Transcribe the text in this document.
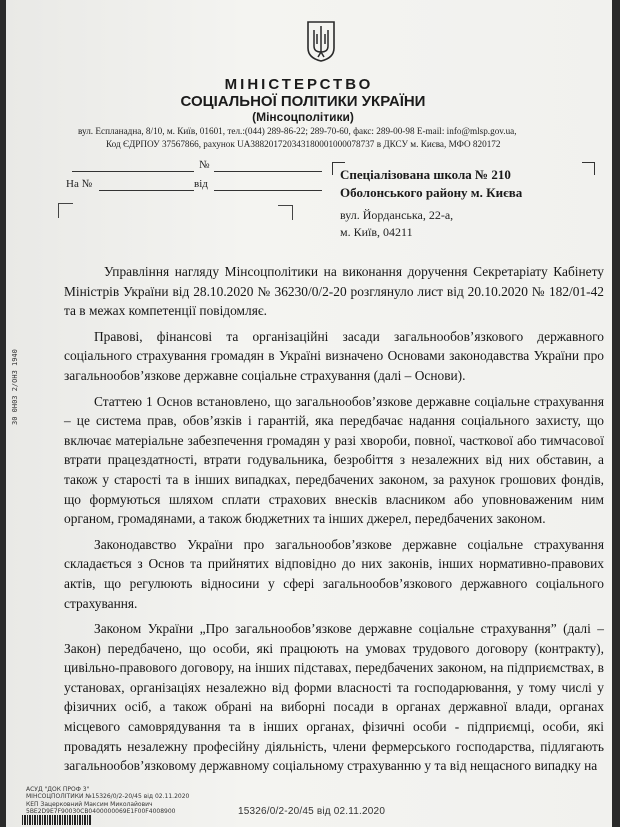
МІНІСТЕРСТВО
СОЦІАЛЬНОЇ ПОЛІТИКИ УКРАЇНИ
(Мінсоцполітики)
вул. Еспланадна, 8/10, м. Київ, 01601, тел.:(044) 289-86-22; 289-70-60, факс: 289-00-98 E-mail: info@mlsp.gov.ua,
Код ЄДРПОУ 37567866, рахунок UA388201720343180001000078737 в ДКСУ м. Києва, МФО 820172
№
На №	від
Спеціалізована школа № 210
Оболонського району м. Києва
вул. Йорданська, 22-а,
м. Київ, 04211

Управління нагляду Мінсоцполітики на виконання доручення Секретаріату Кабінету Міністрів України від 28.10.2020 № 36230/0/2-20 розглянуло лист від 20.10.2020 № 182/01-42 та в межах компетенції повідомляє.

Правові, фінансові та організаційні засади загальнообов’язкового державного соціального страхування громадян в Україні визначено Основами законодавства України про загальнообов’язкове державне соціальне страхування (далі – Основи).

Статтею 1 Основ встановлено, що загальнообов’язкове державне соціальне страхування – це система прав, обов’язків і гарантій, яка передбачає надання соціального захисту, що включає матеріальне забезпечення громадян у разі хвороби, повної, часткової або тимчасової втрати працездатності, втрати годувальника, безробіття з незалежних від них обставин, а також у старості та в інших випадках, передбачених законом, за рахунок грошових фондів, що формуються шляхом сплати страхових внесків власником або уповноваженим ним органом, громадянами, а також бюджетних та інших джерел, передбачених законом.

Законодавство України про загальнообов’язкове державне соціальне страхування складається з Основ та прийнятих відповідно до них законів, інших нормативно-правових актів, що регулюють відносини у сфері загальнообов’язкового державного соціального страхування.

Законом України „Про загальнообов’язкове державне соціальне страхування” (далі – Закон) передбачено, що особи, які працюють на умовах трудового договору (контракту), цивільно-правового договору, на інших підставах, передбачених законом, на підприємствах, в установах, організаціях незалежно від форми власності та господарювання, у тому числі у фізичних осіб, а також обрані на виборні посади в органах державної влади, органах місцевого самоврядування та в інших органах, фізичні особи - підприємці, особи, які провадять незалежну професійну діяльність, члени фермерського господарства, підлягають загальнообов’язковому державному соціальному страхуванню у та від нещасного випадку на

30 0Н03 2/ОН3 1940
АСУД "ДОК ПРОФ 3"
МІНСОЦПОЛІТИКИ №15326/0/2-20/45 від 02.11.2020
КЕП Зацерковний Максим Миколайович
5BE2D9E7F90030CB0400000069E1F00F4008900	15326/0/2-20/45 від 02.11.2020
